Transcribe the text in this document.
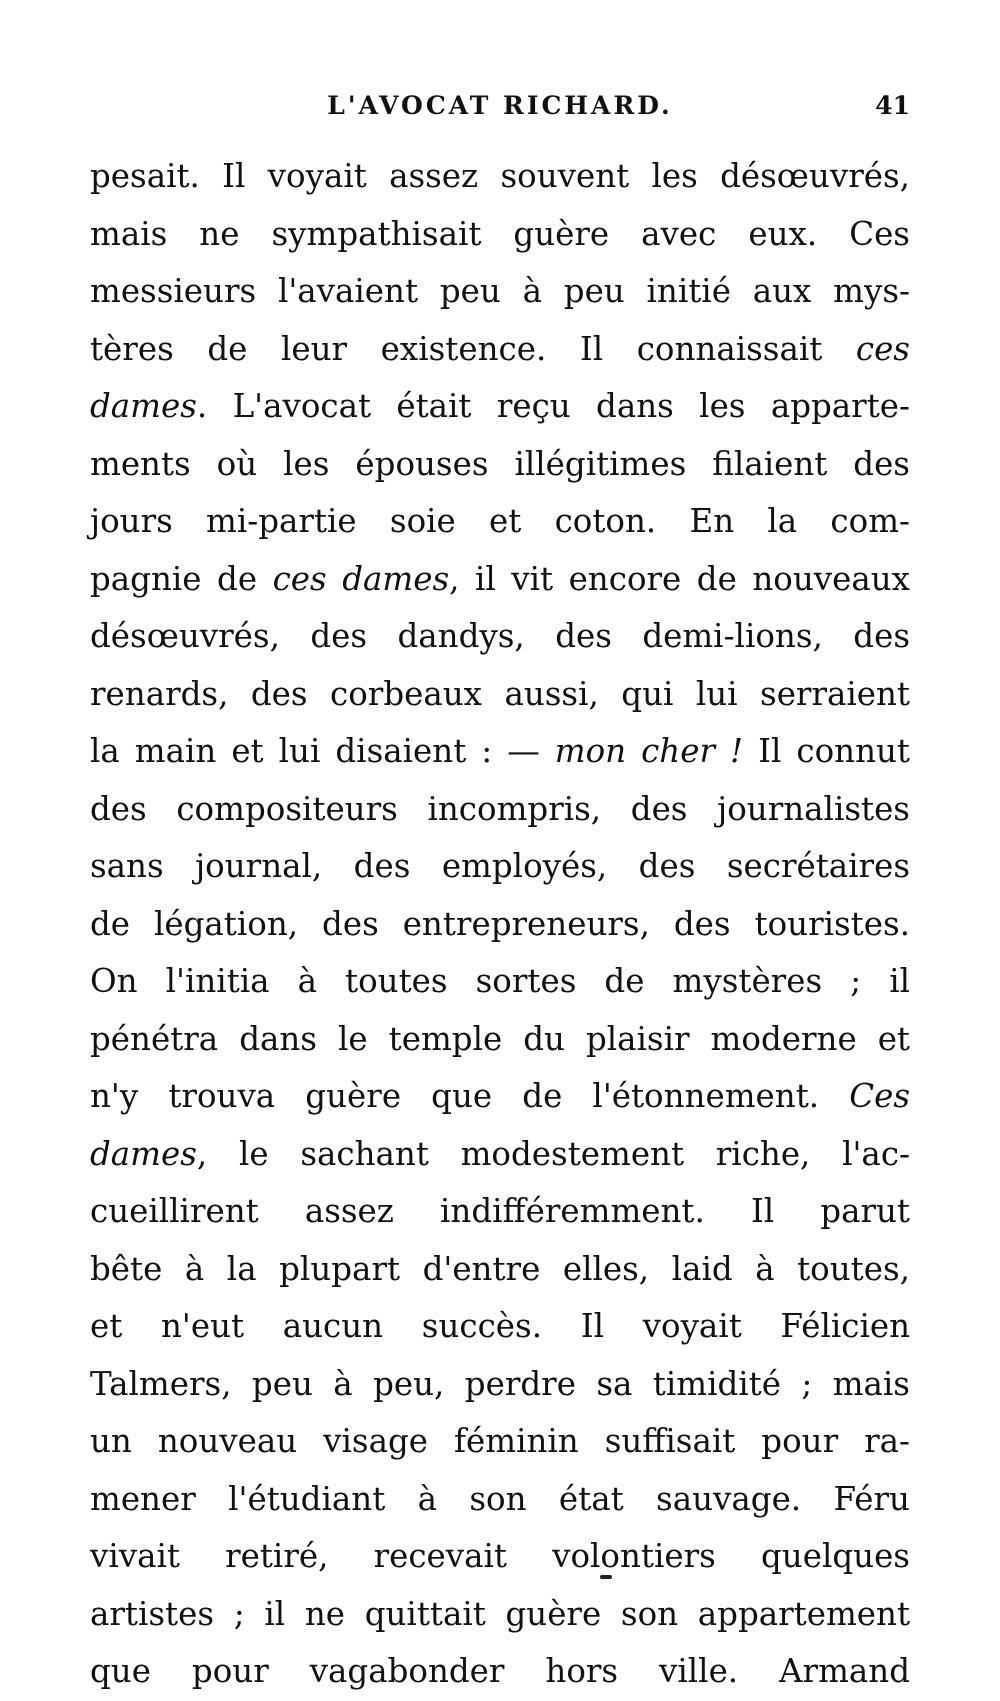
L'AVOCAT RICHARD.	41
pesait. Il voyait assez souvent les désœuvrés,
mais ne sympathisait guère avec eux. Ces
messieurs l'avaient peu à peu initié aux mys-
tères de leur existence. Il connaissait ces
dames. L'avocat était reçu dans les apparte-
ments où les épouses illégitimes filaient des
jours mi-partie soie et coton. En la com-
pagnie de ces dames, il vit encore de nouveaux
désœuvrés, des dandys, des demi-lions, des
renards, des corbeaux aussi, qui lui serraient
la main et lui disaient : — mon cher ! Il connut
des compositeurs incompris, des journalistes
sans journal, des employés, des secrétaires
de légation, des entrepreneurs, des touristes.
On l'initia à toutes sortes de mystères ; il
pénétra dans le temple du plaisir moderne et
n'y trouva guère que de l'étonnement. Ces
dames, le sachant modestement riche, l'ac-
cueillirent assez indifféremment. Il parut
bête à la plupart d'entre elles, laid à toutes,
et n'eut aucun succès. Il voyait Félicien
Talmers, peu à peu, perdre sa timidité ; mais
un nouveau visage féminin suffisait pour ra-
mener l'étudiant à son état sauvage. Féru
vivait retiré, recevait volontiers quelques
artistes ; il ne quittait guère son appartement
que pour vagabonder hors ville. Armand
